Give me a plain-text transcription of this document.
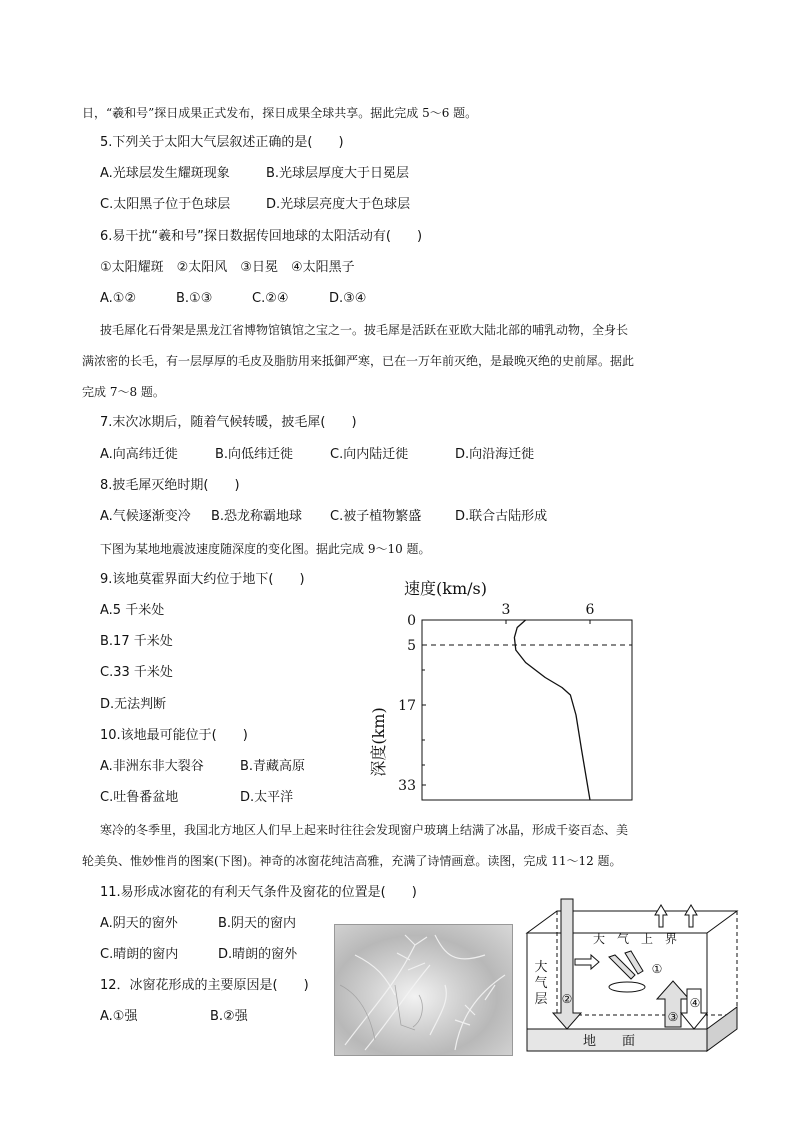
日，“羲和号”探日成果正式发布，探日成果全球共享。据此完成 5～6 题。
5.下列关于太阳大气层叙述正确的是(　　)
A.光球层发生耀斑现象	B.光球层厚度大于日冕层
C.太阳黑子位于色球层	D.光球层亮度大于色球层
6.易干扰“羲和号”探日数据传回地球的太阳活动有(　　)
①太阳耀斑　②太阳风　③日冕　④太阳黑子
A.①②	B.①③	C.②④	D.③④
披毛犀化石骨架是黑龙江省博物馆镇馆之宝之一。披毛犀是活跃在亚欧大陆北部的哺乳动物，全身长
满浓密的长毛，有一层厚厚的毛皮及脂肪用来抵御严寒，已在一万年前灭绝，是最晚灭绝的史前犀。据此
完成 7～8 题。
7.末次冰期后，随着气候转暖，披毛犀(　　)
A.向高纬迁徙	B.向低纬迁徙	C.向内陆迁徙	D.向沿海迁徙
8.披毛犀灭绝时期(　　)
A.气候逐渐变冷 B.恐龙称霸地球 C.被子植物繁盛	D.联合古陆形成
下图为某地地震波速度随深度的变化图。据此完成 9～10 题。
9.该地莫霍界面大约位于地下(　　)
A.5 千米处
B.17 千米处
C.33 千米处
D.无法判断
10.该地最可能位于(　　)
A.非洲东非大裂谷	B.青藏高原
C.吐鲁番盆地	D.太平洋
速度(km/s)
深度(km)
3	6
0
5
17
33
寒冷的冬季里，我国北方地区人们早上起来时往往会发现窗户玻璃上结满了冰晶，形成千姿百态、美
轮美奂、惟妙惟肖的图案(下图)。神奇的冰窗花纯洁高雅，充满了诗情画意。读图，完成 11～12 题。
11.易形成冰窗花的有利天气条件及窗花的位置是(　　)
A.阴天的窗外	B.阴天的窗内
C.晴朗的窗内	D.晴朗的窗外
12．冰窗花形成的主要原因是(　　)
A.①强	B.②强
地　　面
大　气　上　界
大
气
层 ②
①
③
④
